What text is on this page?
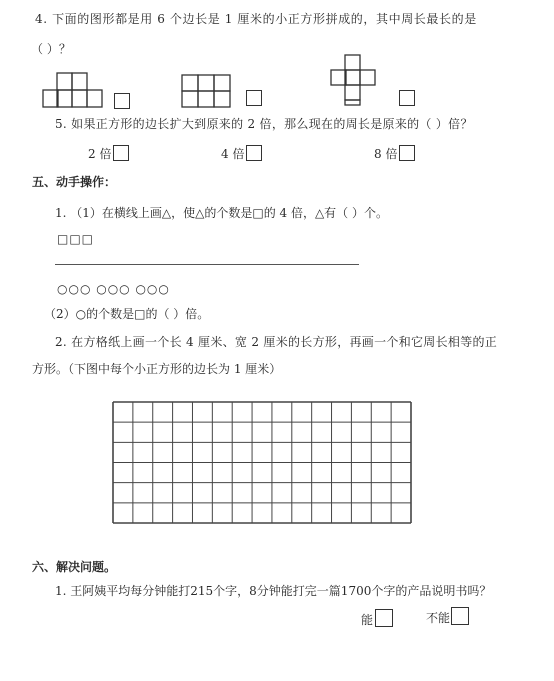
4. 下面的图形都是用 6 个边长是 1 厘米的小正方形拼成的，其中周长最长的是
（ ）？
5. 如果正方形的边长扩大到原来的 2 倍，那么现在的周长是原来的（ ）倍？
2 倍	4 倍	8 倍
五、动手操作：
1. （1）在横线上画△，使△的个数是□的 4 倍，△有（ ）个。
□□□
○○○ ○○○ ○○○
（2）○的个数是□的（ ）倍。
2. 在方格纸上画一个长 4 厘米、宽 2 厘米的长方形，再画一个和它周长相等的正
方形。（下图中每个小正方形的边长为 1 厘米）
六、解决问题。
1. 王阿姨平均每分钟能打215个字，8分钟能打完一篇1700个字的产品说明书吗？
能	不能
